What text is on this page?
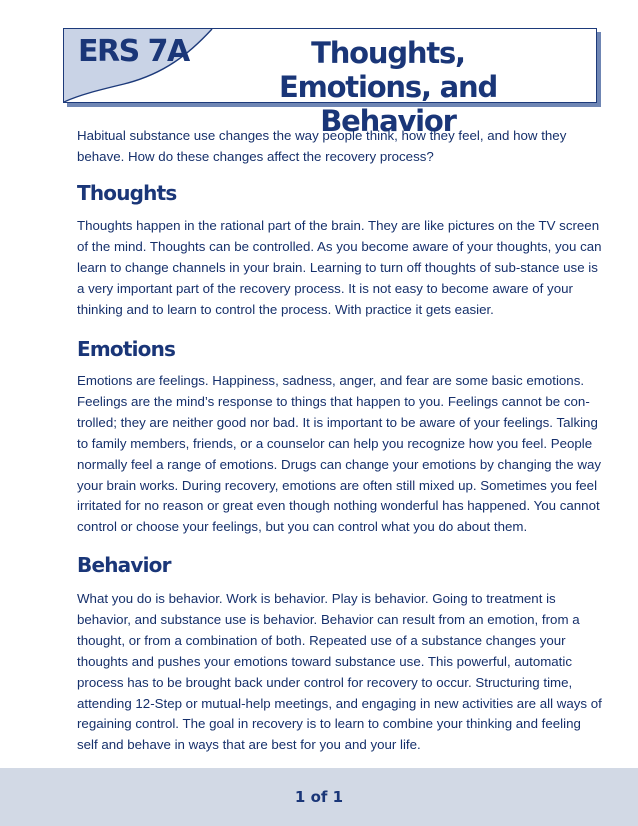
ERS 7A	Thoughts, Emotions, and Behavior

Habitual substance use changes the way people think, how they feel, and how they behave. How do these changes affect the recovery process?

Thoughts

Thoughts happen in the rational part of the brain. They are like pictures on the TV screen of the mind. Thoughts can be controlled. As you become aware of your thoughts, you can learn to change channels in your brain. Learning to turn off thoughts of sub-stance use is a very important part of the recovery process. It is not easy to become aware of your thinking and to learn to control the process. With practice it gets easier.

Emotions

Emotions are feelings. Happiness, sadness, anger, and fear are some basic emotions. Feelings are the mind’s response to things that happen to you. Feelings cannot be con-trolled; they are neither good nor bad. It is important to be aware of your feelings. Talking to family members, friends, or a counselor can help you recognize how you feel. People normally feel a range of emotions. Drugs can change your emotions by changing the way your brain works. During recovery, emotions are often still mixed up. Sometimes you feel irritated for no reason or great even though nothing wonderful has happened. You cannot control or choose your feelings, but you can control what you do about them.

Behavior

What you do is behavior. Work is behavior. Play is behavior. Going to treatment is behavior, and substance use is behavior. Behavior can result from an emotion, from a thought, or from a combination of both. Repeated use of a substance changes your thoughts and pushes your emotions toward substance use. This powerful, automatic process has to be brought back under control for recovery to occur. Structuring time, attending 12-Step or mutual-help meetings, and engaging in new activities are all ways of regaining control. The goal in recovery is to learn to combine your thinking and feeling self and behave in ways that are best for you and your life.

1 of 1
